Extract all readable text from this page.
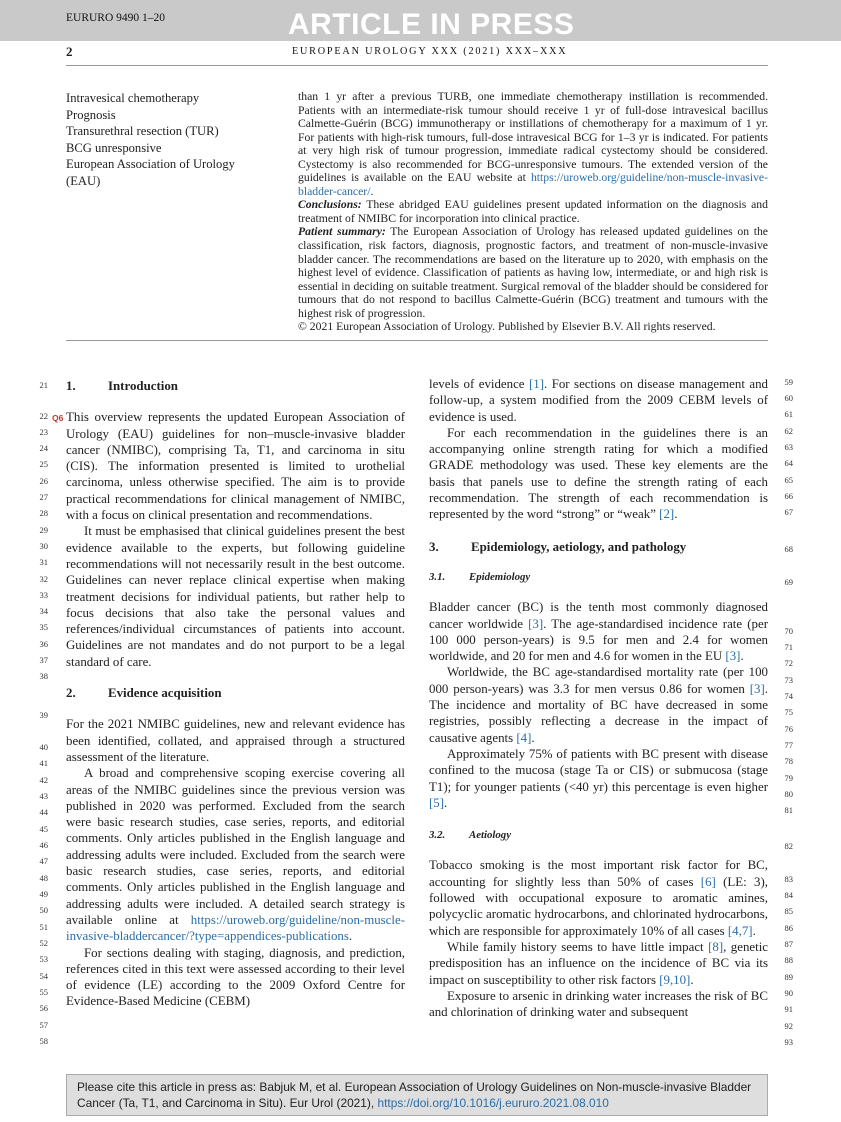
EURURO 9490 1–20	ARTICLE IN PRESS
2	EUROPEAN UROLOGY XXX (2021) XXX–XXX
Intravesical chemotherapy
Prognosis
Transurethral resection (TUR)
BCG unresponsive
European Association of Urology
(EAU)

than 1 yr after a previous TURB, one immediate chemotherapy instillation is recommended. Patients with an intermediate-risk tumour should receive 1 yr of full-dose intravesical bacillus Calmette-Guérin (BCG) immunotherapy or instillations of chemotherapy for a maximum of 1 yr. For patients with high-risk tumours, full-dose intravesical BCG for 1–3 yr is indicated. For patients at very high risk of tumour progression, immediate radical cystectomy should be considered. Cystectomy is also recommended for BCG-unresponsive tumours. The extended version of the guidelines is available on the EAU website at https://uroweb.org/guideline/non-muscle-invasive-bladder-cancer/.

Conclusions: These abridged EAU guidelines present updated information on the diagnosis and treatment of NMIBC for incorporation into clinical practice.

Patient summary: The European Association of Urology has released updated guidelines on the classification, risk factors, diagnosis, prognostic factors, and treatment of non-muscle-invasive bladder cancer. The recommendations are based on the literature up to 2020, with emphasis on the highest level of evidence. Classification of patients as having low, intermediate, or and high risk is essential in deciding on suitable treatment. Surgical removal of the bladder should be considered for tumours that do not respond to bacillus Calmette-Guérin (BCG) treatment and tumours with the highest risk of progression.

© 2021 European Association of Urology. Published by Elsevier B.V. All rights reserved.

1.	Introduction

This overview represents the updated European Association of Urology (EAU) guidelines for non–muscle-invasive bladder cancer (NMIBC), comprising Ta, T1, and carcinoma in situ (CIS). The information presented is limited to urothelial carcinoma, unless otherwise specified. The aim is to provide practical recommendations for clinical management of NMIBC, with a focus on clinical presentation and recommendations.

It must be emphasised that clinical guidelines present the best evidence available to the experts, but following guideline recommendations will not necessarily result in the best outcome. Guidelines can never replace clinical expertise when making treatment decisions for individual patients, but rather help to focus decisions that also take the personal values and references/individual circumstances of patients into account. Guidelines are not mandates and do not purport to be a legal standard of care.

2.	Evidence acquisition

For the 2021 NMIBC guidelines, new and relevant evidence has been identified, collated, and appraised through a structured assessment of the literature.

A broad and comprehensive scoping exercise covering all areas of the NMIBC guidelines since the previous version was published in 2020 was performed. Excluded from the search were basic research studies, case series, reports, and editorial comments. Only articles published in the English language and addressing adults were included. Excluded from the search were basic research studies, case series, reports, and editorial comments. Only articles published in the English language and addressing adults were included. A detailed search strategy is available online at https://uroweb.org/guideline/non-muscle-invasive-bladdercancer/?type=appendices-publications.

For sections dealing with staging, diagnosis, and prediction, references cited in this text were assessed according to their level of evidence (LE) according to the 2009 Oxford Centre for Evidence-Based Medicine (CEBM)

Q6

levels of evidence [1]. For sections on disease management and follow-up, a system modified from the 2009 CEBM levels of evidence is used.

For each recommendation in the guidelines there is an accompanying online strength rating for which a modified GRADE methodology was used. These key elements are the basis that panels use to define the strength rating of each recommendation. The strength of each recommendation is represented by the word “strong” or “weak” [2].

3.	Epidemiology, aetiology, and pathology
3.1. Epidemiology

Bladder cancer (BC) is the tenth most commonly diagnosed cancer worldwide [3]. The age-standardised incidence rate (per 100 000 person-years) is 9.5 for men and 2.4 for women worldwide, and 20 for men and 4.6 for women in the EU [3].

Worldwide, the BC age-standardised mortality rate (per 100 000 person-years) was 3.3 for men versus 0.86 for women [3]. The incidence and mortality of BC have decreased in some registries, possibly reflecting a decrease in the impact of causative agents [4].

Approximately 75% of patients with BC present with disease confined to the mucosa (stage Ta or CIS) or submucosa (stage T1); for younger patients (<40 yr) this percentage is even higher [5].

3.2. Aetiology

Tobacco smoking is the most important risk factor for BC, accounting for slightly less than 50% of cases [6] (LE: 3), followed with occupational exposure to aromatic amines, polycyclic aromatic hydrocarbons, and chlorinated hydrocarbons, which are responsible for approximately 10% of all cases [4,7].

While family history seems to have little impact [8], genetic predisposition has an influence on the incidence of BC via its impact on susceptibility to other risk factors [9,10].

Exposure to arsenic in drinking water increases the risk of BC and chlorination of drinking water and subsequent

21
22
23
24
25
26
27
28
29
30
31
32
33
34
35
36
37
38
39
40
41
42
43
44
45
46
47
48
49
50
51
52
53
54
55
56
57
58
59
60
61
62
63
64
65
66
67
68
69
70
71
72
73
74
75
76
77
78
79
80
81
82
83
84
85
86
87
88
89
90
91
92
93
Please cite this article in press as: Babjuk M, et al. European Association of Urology Guidelines on Non-muscle-invasive Bladder Cancer (Ta, T1, and Carcinoma in Situ). Eur Urol (2021), https://doi.org/10.1016/j.eururo.2021.08.010
